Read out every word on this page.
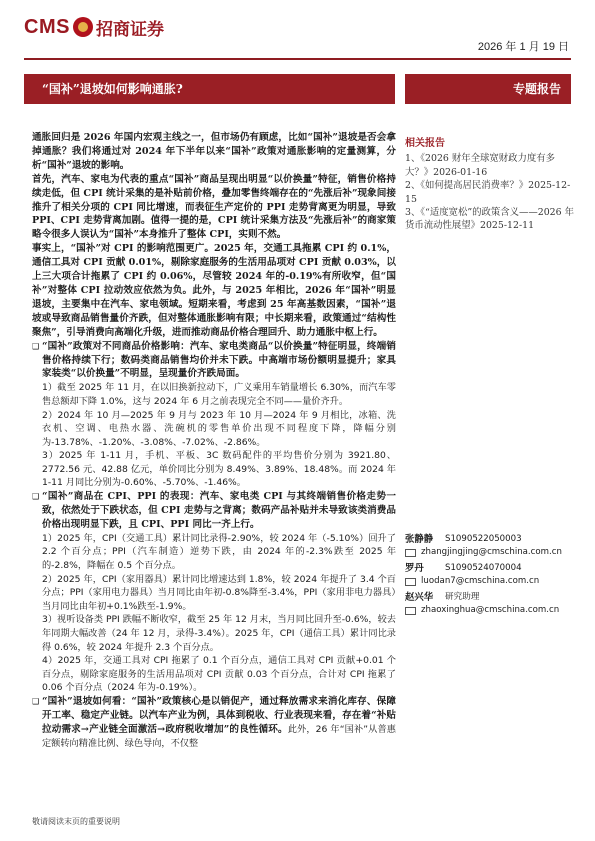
CMS 招商证券
2026 年 1 月 19 日
“国补”退坡如何影响通胀?	专题报告

通胀回归是 2026 年国内宏观主线之一，但市场仍有顾虑，比如“国补”退坡是否会拿掉通胀？我们将通过对 2024 年下半年以来“国补”政策对通胀影响的定量测算，分析“国补”退坡的影响。

首先，汽车、家电为代表的重点“国补”商品呈现出明显“以价换量”特征，销售价格持续走低，但 CPI 统计采集的是补贴前价格，叠加零售终端存在的“先涨后补”现象间接推升了相关分项的 CPI 同比增速，而表征生产定价的 PPI 走势背离更为明显，导致 PPI、CPI 走势背离加剧。值得一提的是，CPI 统计采集方法及“先涨后补”的商家策略令很多人误认为“国补”本身推升了整体 CPI，实则不然。

事实上，“国补”对 CPI 的影响范围更广。2025 年，交通工具拖累 CPI 约 0.1%，通信工具对 CPI 贡献 0.01%，剔除家庭服务的生活用品项对 CPI 贡献 0.03%，以上三大项合计拖累了 CPI 约 0.06%，尽管较 2024 年的-0.19%有所收窄，但“国补”对整体 CPI 拉动效应依然为负。此外，与 2025 年相比，2026 年“国补”明显退坡，主要集中在汽车、家电领域。短期来看，考虑到 25 年高基数因素，“国补”退坡或导致商品销售量价齐跌，但对整体通胀影响有限；中长期来看，政策通过“结构性聚焦”，引导消费向高端化升级，进而推动商品价格合理回升、助力通胀中枢上行。

❑ “国补”政策对不同商品价格影响：汽车、家电类商品“以价换量”特征明显，终端销售价格持续下行；数码类商品销售均价并未下跌。中高端市场份额明显提升；家具家装类“以价换量”不明显，呈现量价齐跌局面。

1）截至 2025 年 11 月，在以旧换新拉动下，广义乘用车销量增长 6.30%，而汽车零售总额却下降 1.0%，这与 2024 年 6 月之前表现完全不同——量价齐升。

2）2024 年 10 月—2025 年 9 月与 2023 年 10 月—2024 年 9 月相比，冰箱、洗衣机、空调、电热水器、洗碗机的零售单价出现不同程度下降，降幅分别为-13.78%、-1.20%、-3.08%、-7.02%、-2.86%。

3）2025 年 1-11 月，手机、平板、3C 数码配件的平均售价分别为 3921.80、2772.56 元、42.88 亿元，单价同比分别为 8.49%、3.89%、18.48%。而 2024 年 1-11 月同比分别为-0.60%、-5.70%、-1.46%。

❑ “国补”商品在 CPI、PPI 的表现：汽车、家电类 CPI 与其终端销售价格走势一致，依然处于下跌状态，但 CPI 走势与之背离；数码产品补贴并未导致该类消费品价格出现明显下跌，且 CPI、PPI 同比一齐上行。

1）2025 年，CPI（交通工具）累计同比录得-2.90%，较 2024 年（-5.10%）回升了 2.2 个百分点；PPI（汽车制造）逆势下跌，由 2024 年的-2.3%跌至 2025 年的-2.8%，降幅在 0.5 个百分点。

2）2025 年，CPI（家用器具）累计同比增速达到 1.8%，较 2024 年提升了 3.4 个百分点；PPI（家用电力器具）当月同比由年初-0.8%降至-3.4%，PPI（家用非电力器具）当月同比由年初+0.1%跌至-1.9%。

3）视听设备类 PPI 跌幅不断收窄，截至 25 年 12 月末，当月同比回升至-0.6%，较去年同期大幅改善（24 年 12 月，录得-3.4%）。2025 年，CPI（通信工具）累计同比录得 0.6%，较 2024 年提升 2.3 个百分点。

4）2025 年，交通工具对 CPI 拖累了 0.1 个百分点，通信工具对 CPI 贡献+0.01 个百分点，剔除家庭服务的生活用品项对 CPI 贡献 0.03 个百分点，合计对 CPI 拖累了 0.06 个百分点（2024 年为-0.19%）。

❑ “国补”退坡如何看：“国补”政策核心是以销促产，通过释放需求来消化库存、保障开工率、稳定产业链。以汽车产业为例，具体到税收、行业表现来看，存在着“补贴拉动需求→产业链全面激活→政府税收增加”的良性循环。此外，26 年“国补”从普惠定额转向精准比例、绿色导向，不仅整

相关报告
1、《2026 财年全球宽财政力度有多大？》2026-01-16
2、《如何提高居民消费率？》2025-12-15
3、《“适度宽松”的政策含义——2026 年货币流动性展望》2025-12-11
张静静	S1090522050003
zhangjingjing@cmschina.com.cn
罗丹	S1090524070004
luodan7@cmschina.com.cn
赵兴华	研究助理
zhaoxinghua@cmschina.com.cn
敬请阅读末页的重要说明
